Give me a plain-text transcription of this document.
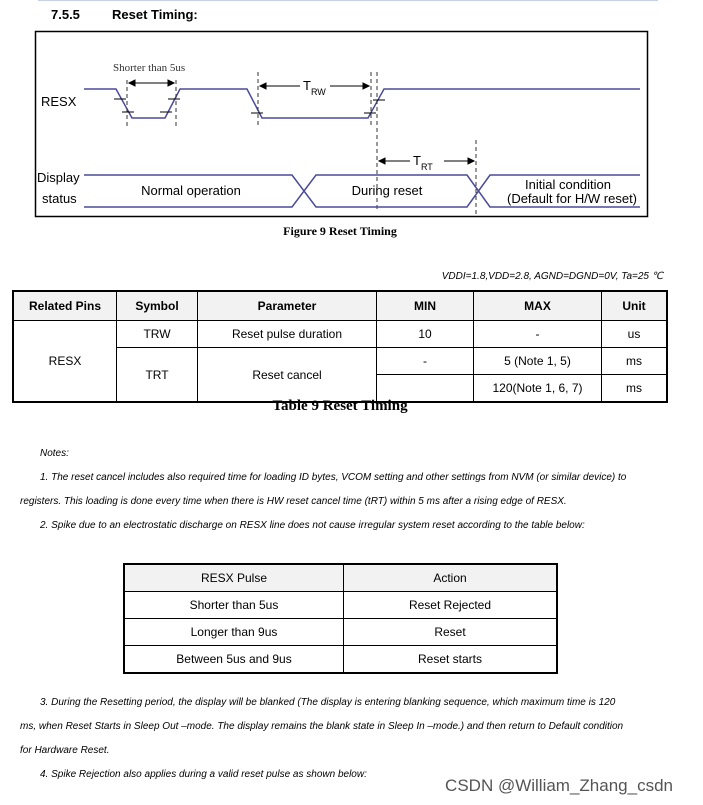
7.5.5 Reset Timing:
Shorter than 5us
RESX
$T_{RW}$
$T_{RT}$
Display
status
Normal operation	During reset	Initial condition
(Default for H/W reset)
Figure 9 Reset Timing
VDDI=1.8,VDD=2.8, AGND=DGND=0V, Ta=25 ℃
Related Pins	Symbol	Parameter	MIN	MAX	Unit
RESX	TRW	Reset pulse duration	10	-	us
	TRT	Reset cancel	-	5 (Note 1, 5)	ms
				120(Note 1, 6, 7)	ms
Table 9 Reset Timing
Notes:
1. The reset cancel includes also required time for loading ID bytes, VCOM setting and other settings from NVM (or similar device) to
registers. This loading is done every time when there is HW reset cancel time (tRT) within 5 ms after a rising edge of RESX.
2. Spike due to an electrostatic discharge on RESX line does not cause irregular system reset according to the table below:
RESX Pulse	Action
Shorter than 5us	Reset Rejected
Longer than 9us	Reset
Between 5us and 9us	Reset starts
3. During the Resetting period, the display will be blanked (The display is entering blanking sequence, which maximum time is 120
ms, when Reset Starts in Sleep Out –mode. The display remains the blank state in Sleep In –mode.) and then return to Default condition
for Hardware Reset.
4. Spike Rejection also applies during a valid reset pulse as shown below:
CSDN @William_Zhang_csdn
